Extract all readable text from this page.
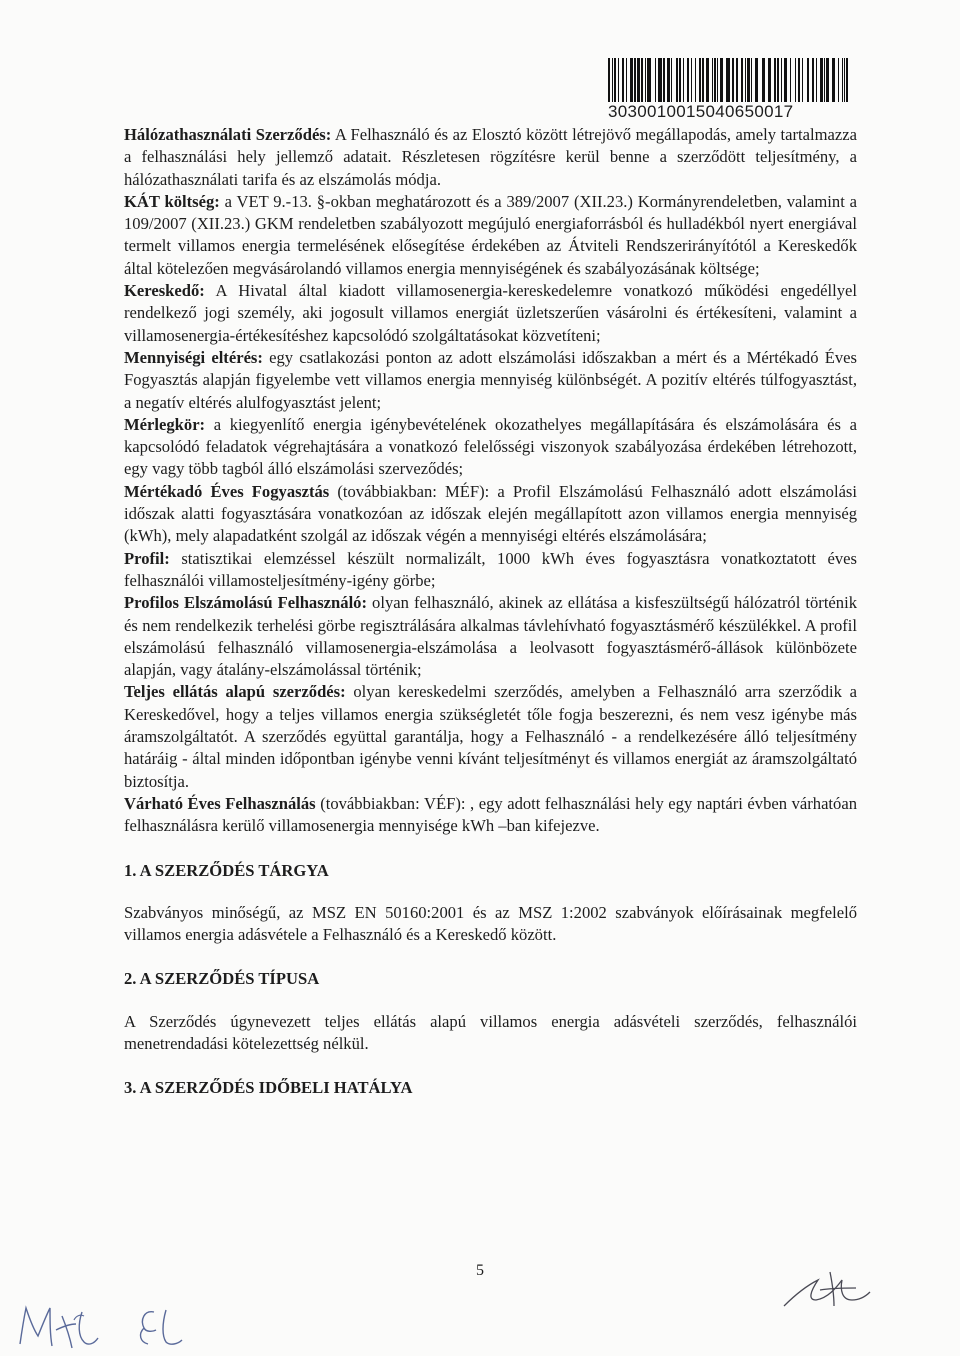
3030010015040650017

Hálózathasználati Szerződés: A Felhasználó és az Elosztó között létrejövő megállapodás, amely tartalmazza a felhasználási hely jellemző adatait. Részletesen rögzítésre kerül benne a szerződött teljesítmény, a hálózathasználati tarifa és az elszámolás módja.

KÁT költség: a VET 9.-13. §-okban meghatározott és a 389/2007 (XII.23.) Kormányrendeletben, valamint a 109/2007 (XII.23.) GKM rendeletben szabályozott megújuló energiaforrásból és hulladékból nyert energiával termelt villamos energia termelésének elősegítése érdekében az Átviteli Rendszerirányítótól a Kereskedők által kötelezően megvásárolandó villamos energia mennyiségének és szabályozásának költsége;

Kereskedő: A Hivatal által kiadott villamosenergia-kereskedelemre vonatkozó működési engedéllyel rendelkező jogi személy, aki jogosult villamos energiát üzletszerűen vásárolni és értékesíteni, valamint a villamosenergia-értékesítéshez kapcsolódó szolgáltatásokat közvetíteni;

Mennyiségi eltérés: egy csatlakozási ponton az adott elszámolási időszakban a mért és a Mértékadó Éves Fogyasztás alapján figyelembe vett villamos energia mennyiség különbségét. A pozitív eltérés túlfogyasztást, a negatív eltérés alulfogyasztást jelent;

Mérlegkör: a kiegyenlítő energia igénybevételének okozathelyes megállapítására és elszámolására és a kapcsolódó feladatok végrehajtására a vonatkozó felelősségi viszonyok szabályozása érdekében létrehozott, egy vagy több tagból álló elszámolási szerveződés;

Mértékadó Éves Fogyasztás (továbbiakban: MÉF): a Profil Elszámolású Felhasználó adott elszámolási időszak alatti fogyasztására vonatkozóan az időszak elején megállapított azon villamos energia mennyiség (kWh), mely alapadatként szolgál az időszak végén a mennyiségi eltérés elszámolására;

Profil: statisztikai elemzéssel készült normalizált, 1000 kWh éves fogyasztásra vonatkoztatott éves felhasználói villamosteljesítmény-igény görbe;

Profilos Elszámolású Felhasználó: olyan felhasználó, akinek az ellátása a kisfeszültségű hálózatról történik és nem rendelkezik terhelési görbe regisztrálására alkalmas távlehívható fogyasztásmérő készülékkel. A profil elszámolású felhasználó villamosenergia-elszámolása a leolvasott fogyasztásmérő-állások különbözete alapján, vagy átalány-elszámolással történik;

Teljes ellátás alapú szerződés: olyan kereskedelmi szerződés, amelyben a Felhasználó arra szerződik a Kereskedővel, hogy a teljes villamos energia szükségletét tőle fogja beszerezni, és nem vesz igénybe más áramszolgáltatót. A szerződés együttal garantálja, hogy a Felhasználó - a rendelkezésére álló teljesítmény határáig - által minden időpontban igénybe venni kívánt teljesítményt és villamos energiát az áramszolgáltató biztosítja.

Várható Éves Felhasználás (továbbiakban: VÉF): , egy adott felhasználási hely egy naptári évben várhatóan felhasználásra kerülő villamosenergia mennyisége kWh –ban kifejezve.

1. A SZERZŐDÉS TÁRGYA

Szabványos minőségű, az MSZ EN 50160:2001 és az MSZ 1:2002 szabványok előírásainak megfelelő villamos energia adásvétele a Felhasználó és a Kereskedő között.

2. A SZERZŐDÉS TÍPUSA

A Szerződés úgynevezett teljes ellátás alapú villamos energia adásvételi szerződés, felhasználói menetrendadási kötelezettség nélkül.

3. A SZERZŐDÉS IDŐBELI HATÁLYA
5
